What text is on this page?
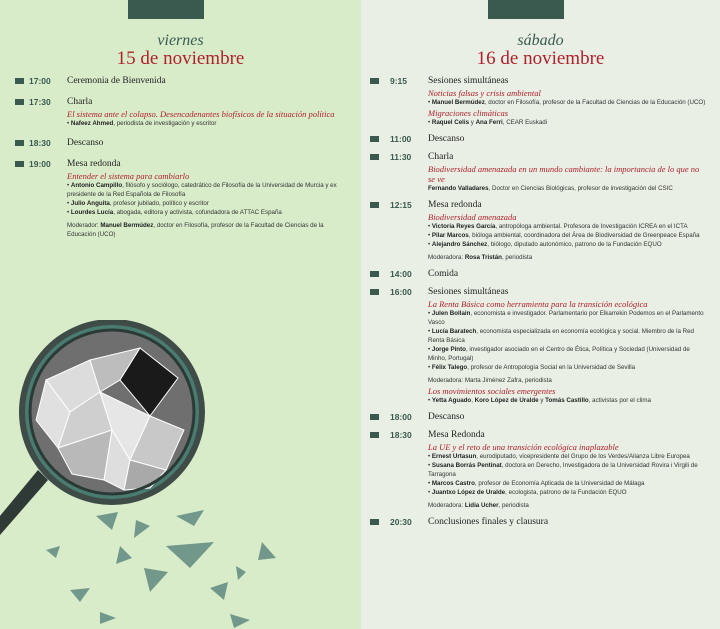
viernes
15 de noviembre
17:00 Ceremonia de Bienvenida
17:30 Charla
El sistema ante el colapso. Desencadenantes biofísicos de la situación política
• Nafeez Ahmed, periodista de investigación y escritor
18:30 Descanso
19:00 Mesa redonda
Entender el sistema para cambiarlo
• Antonio Campillo, filósofo y sociólogo, catedrático de Filosofía de la Universidad de Murcia y ex presidente de la Red Española de Filosofía
• Julio Anguita, profesor jubilado, político y escritor
• Lourdes Lucía, abogada, editora y activista, cofundadora de ATTAC España
Moderador: Manuel Bermúdez, doctor en Filosofía, profesor de la Facultad de Ciencias de la Educación (UCO)
sábado
16 de noviembre
9:15 Sesiones simultáneas
Noticias falsas y crisis ambiental
• Manuel Bermúdez, doctor en Filosofía, profesor de la Facultad de Ciencias de la Educación (UCO)
Migraciones climáticas
• Raquel Celis y Ana Ferri, CEAR Euskadi
11:00 Descanso
11:30 Charla
Biodiversidad amenazada en un mundo cambiante: la importancia de lo que no se ve
Fernando Valladares, Doctor en Ciencias Biológicas, profesor de investigación del CSIC
12:15 Mesa redonda
Biodiversidad amenazada
• Victoria Reyes García, antropóloga ambiental. Profesora de Investigación ICREA en el ICTA
• Pilar Marcos, bióloga ambiental, coordinadora del Área de Biodiversidad de Greenpeace España
• Alejandro Sánchez, biólogo, diputado autonómico, patrono de la Fundación EQUO
Moderadora: Rosa Tristán, periodista
14:00 Comida
16:00 Sesiones simultáneas
La Renta Básica como herramienta para la transición ecológica
• Julen Bollain, economista e investigador. Parlamentario por Elkarrekin Podemos en el Parlamento Vasco
• Lucía Baratech, economista especializada en economía ecológica y social. Miembro de la Red Renta Básica
• Jorge Pinto, investigador asociado en el Centro de Ética, Política y Sociedad (Universidad de Minho, Portugal)
• Félix Talego, profesor de Antropología Social en la Universidad de Sevilla
Moderadora: Marta Jiménez Zafra, periodista
Los movimientos sociales emergentes
• Yetta Aguado, Koro López de Uralde y Tomás Castillo, activistas por el clima
18:00 Descanso
18:30 Mesa Redonda
La UE y el reto de una transición ecológica inaplazable
• Ernest Urtasun, eurodiputado, vicepresidente del Grupo de los Verdes/Alianza Libre Europea
• Susana Borrás Pentinat, doctora en Derecho, Investigadora de la Universidad Rovira i Virgili de Tarragona
• Marcos Castro, profesor de Economía Aplicada de la Universidad de Málaga
• Juantxo López de Uralde, ecologista, patrono de la Fundación EQUO
Moderadora: Lidia Ucher, periodista
20:30 Conclusiones finales y clausura
